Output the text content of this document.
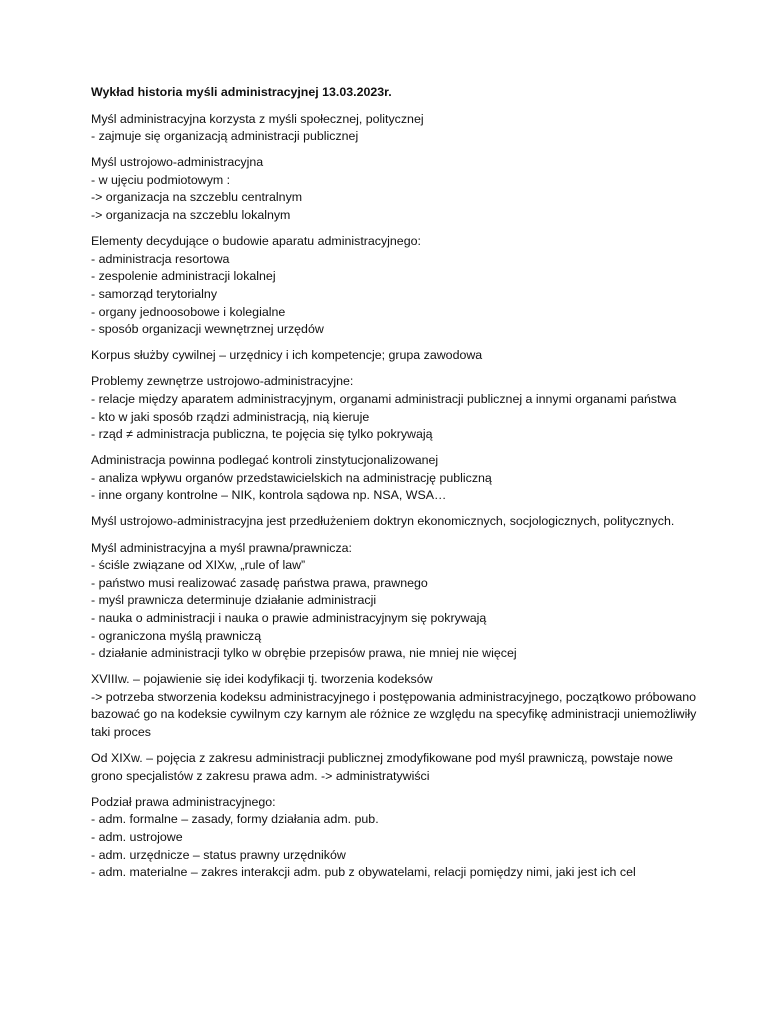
Wykład historia myśli administracyjnej 13.03.2023r.
Myśl administracyjna korzysta z myśli społecznej, politycznej
- zajmuje się organizacją administracji publicznej
Myśl ustrojowo-administracyjna
- w ujęciu podmiotowym :
-> organizacja na szczeblu centralnym
-> organizacja na szczeblu lokalnym
Elementy decydujące o budowie aparatu administracyjnego:
- administracja resortowa
- zespolenie administracji lokalnej
- samorząd terytorialny
- organy jednoosobowe i kolegialne
- sposób organizacji wewnętrznej urzędów
Korpus służby cywilnej – urzędnicy i ich kompetencje; grupa zawodowa
Problemy zewnętrze ustrojowo-administracyjne:
- relacje między aparatem administracyjnym, organami administracji publicznej a innymi organami państwa
- kto w jaki sposób rządzi administracją, nią kieruje
- rząd ≠ administracja publiczna, te pojęcia się tylko pokrywają
Administracja powinna podlegać kontroli zinstytucjonalizowanej
- analiza wpływu organów przedstawicielskich na administrację publiczną
- inne organy kontrolne – NIK, kontrola sądowa np. NSA, WSA…
Myśl ustrojowo-administracyjna jest przedłużeniem doktryn ekonomicznych, socjologicznych, politycznych.
Myśl administracyjna a myśl prawna/prawnicza:
- ściśle związane od XIXw, „rule of law”
- państwo musi realizować zasadę państwa prawa, prawnego
- myśl prawnicza determinuje działanie administracji
- nauka o administracji i nauka o prawie administracyjnym się pokrywają
- ograniczona myślą prawniczą
- działanie administracji tylko w obrębie przepisów prawa, nie mniej nie więcej
XVIIIw. – pojawienie się idei kodyfikacji tj. tworzenia kodeksów
-> potrzeba stworzenia kodeksu administracyjnego i postępowania administracyjnego, początkowo próbowano bazować go na kodeksie cywilnym czy karnym ale różnice ze względu na specyfikę administracji uniemożliwiły taki proces
Od XIXw. – pojęcia z zakresu administracji publicznej zmodyfikowane pod myśl prawniczą, powstaje nowe grono specjalistów z zakresu prawa adm. -> administratywiści
Podział prawa administracyjnego:
- adm. formalne – zasady, formy działania adm. pub.
- adm. ustrojowe
- adm. urzędnicze – status prawny urzędników
- adm. materialne – zakres interakcji adm. pub z obywatelami, relacji pomiędzy nimi, jaki jest ich cel
